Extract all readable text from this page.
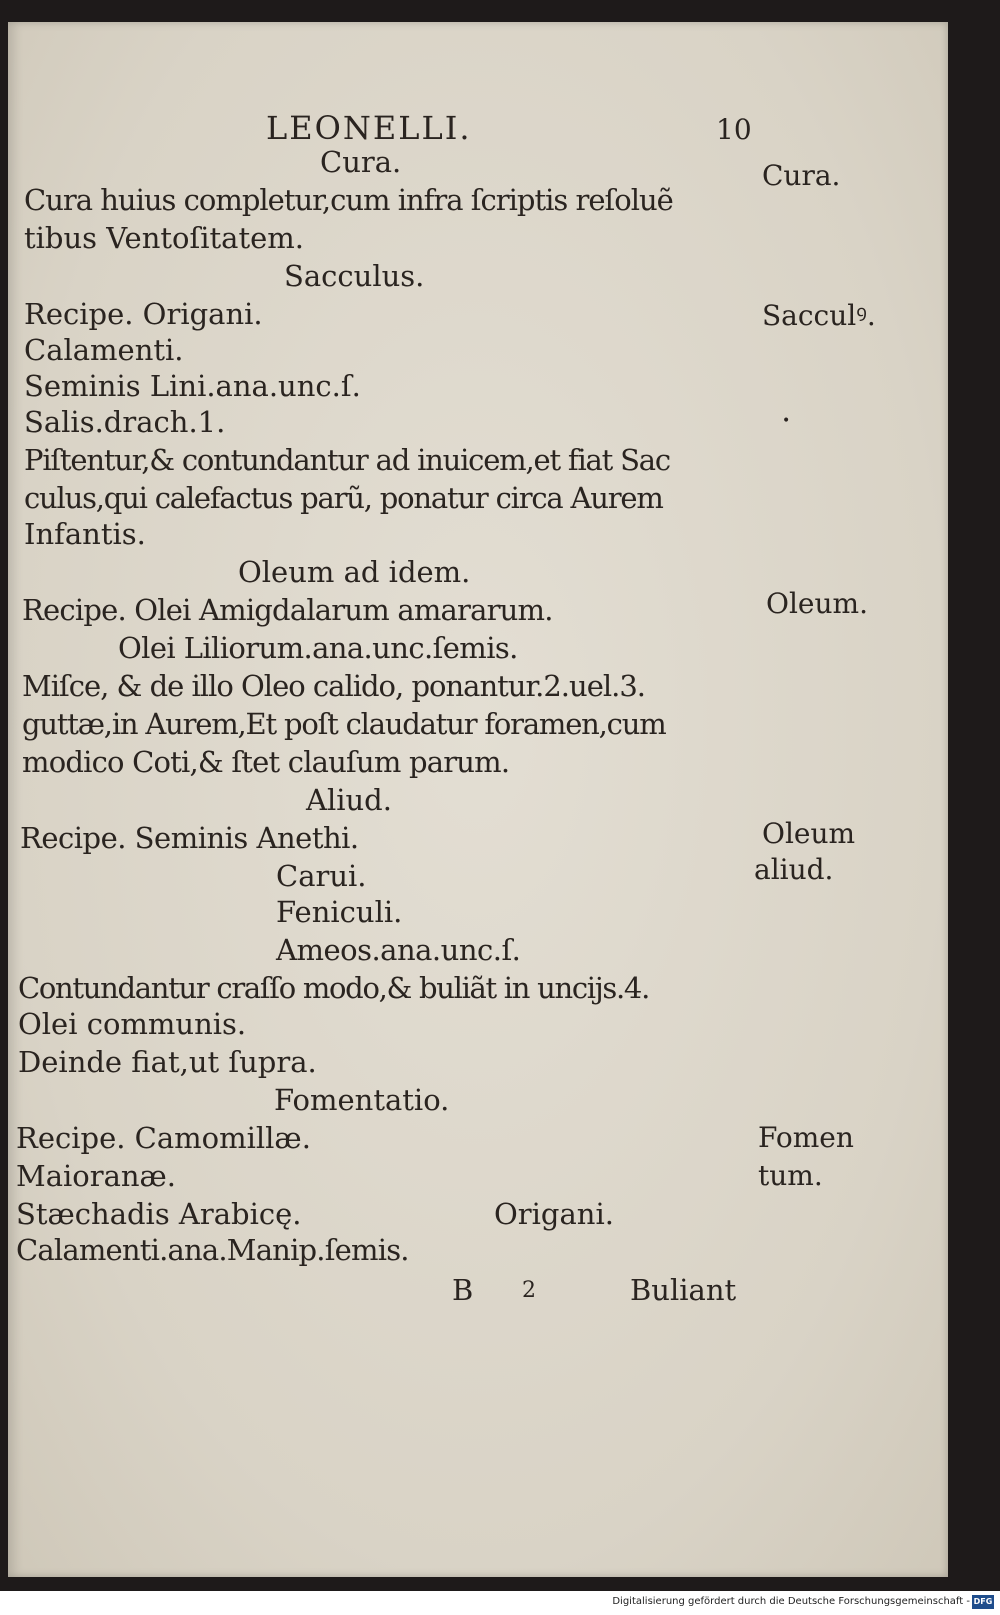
LEONELLI.	10
Cura.
Cura huius completur,cum infra ſcriptis reſoluẽ
tibus Ventoſitatem.
Sacculus.
Recipe. Origani.
Calamenti.
Seminis Lini.ana.unc.ſ.
Salis.drach.1.
Piſtentur,& contundantur ad inuicem,et fiat Sac
culus,qui calefactus parũ, ponatur circa Aurem
Infantis.
Oleum ad idem.
Recipe. Olei Amigdalarum amararum.
Olei Liliorum.ana.unc.ſemis.
Miſce, & de illo Oleo calido, ponantur.2.uel.3.
guttæ,in Aurem,Et poſt claudatur foramen,cum
modico Coti,& ſtet clauſum parum.
Aliud.
Recipe. Seminis Anethi.
Carui.
Feniculi.
Ameos.ana.unc.ſ.
Contundantur craſſo modo,& buliãt in uncijs.4.
Olei communis.
Deinde fiat,ut ſupra.
Fomentatio.
Recipe. Camomillæ.
Maioranæ.
Stæchadis Arabicę.	Origani.
Calamenti.ana.Manip.ſemis.
B 2	Buliant
Cura.
Sacculꝰ.
•
Oleum.
Oleum
aliud.
Fomen
tum.
Digitalisierung gefördert durch die Deutsche Forschungsgemeinschaft - DFG
